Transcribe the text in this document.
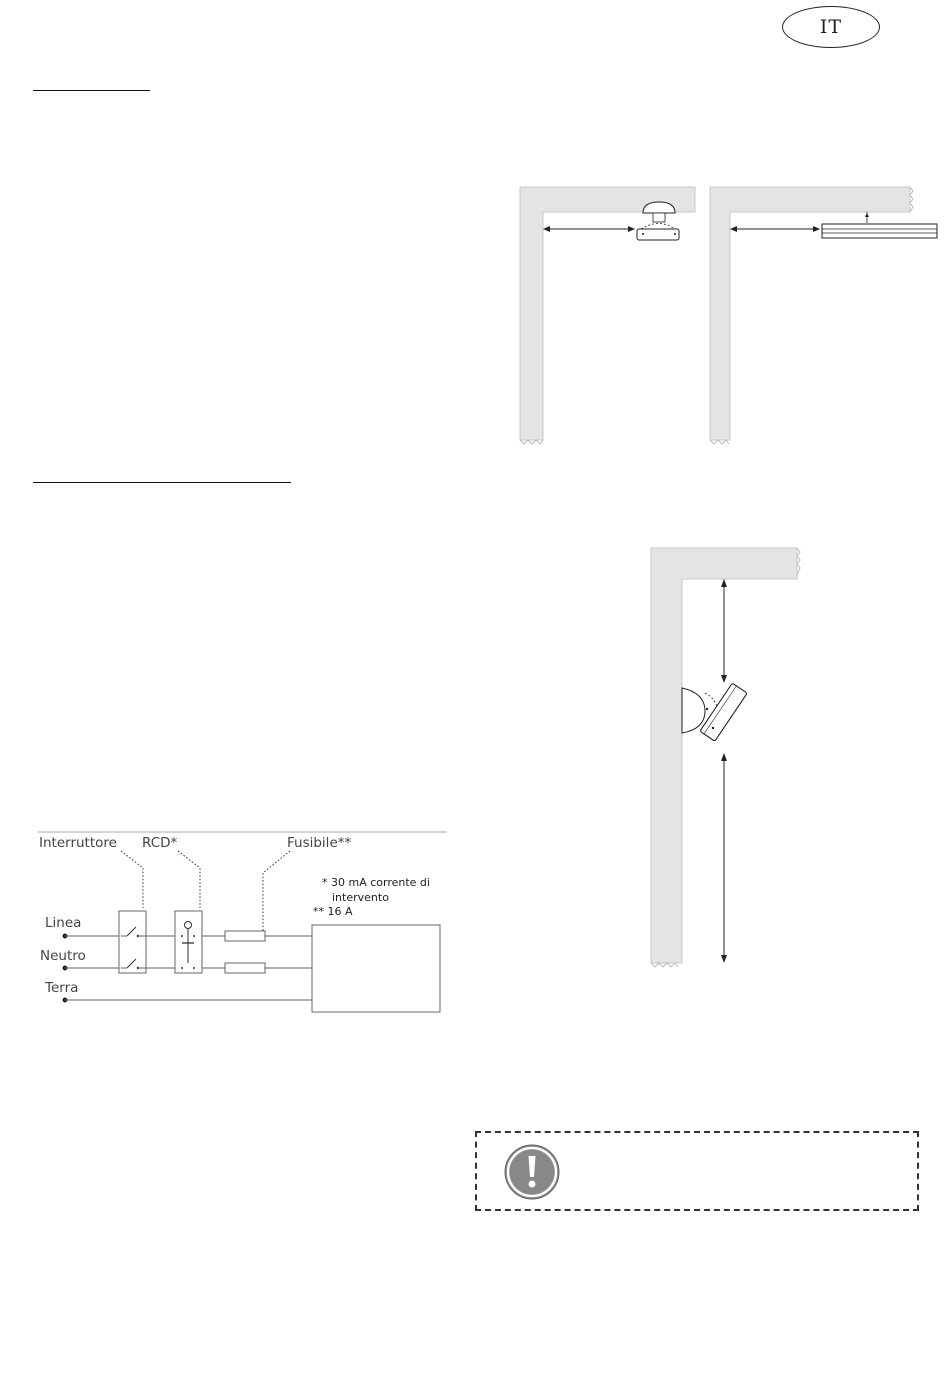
IT
Interruttore RCD*	Fusibile**
* 30 mA corrente di
intervento
** 16 A
Linea
Neutro
Terra
